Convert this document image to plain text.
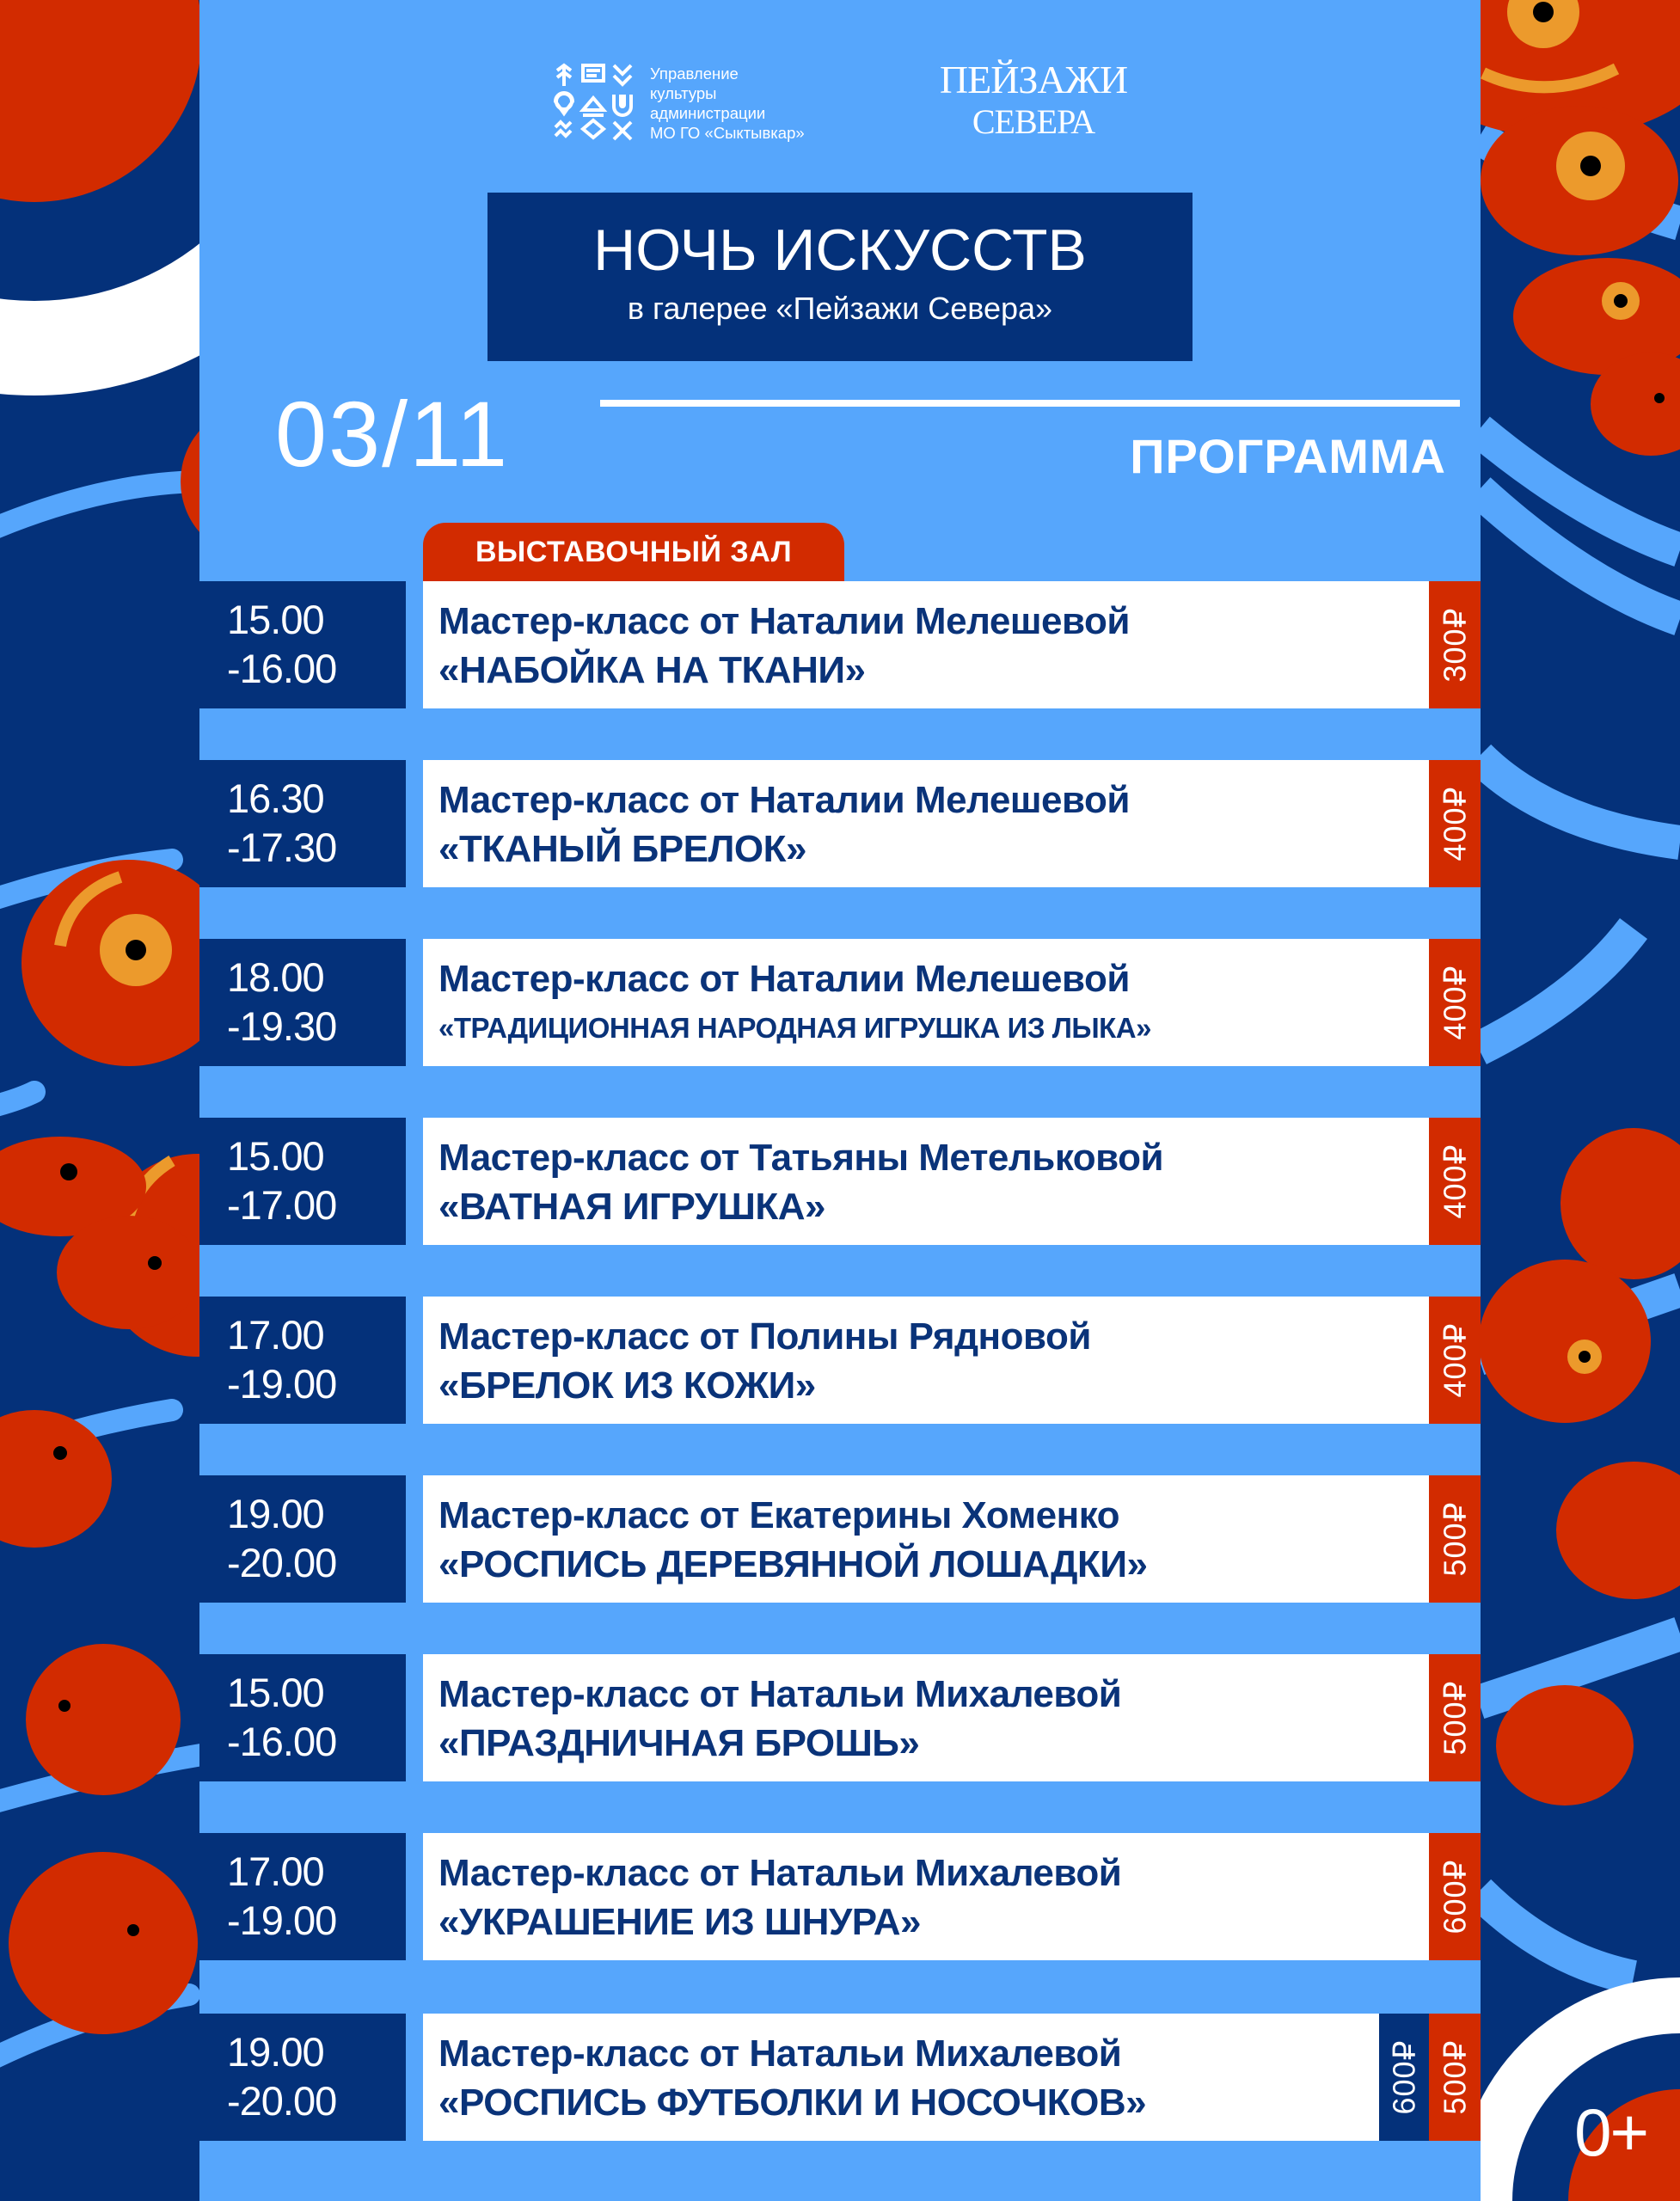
Управление
культуры
администрации
МО ГО «Сыктывкар»
ПЕЙЗАЖИ
СЕВЕРА
НОЧЬ ИСКУССТВ
в галерее «Пейзажи Севера»
03/11	ПРОГРАММА
ВЫСТАВОЧНЫЙ ЗАЛ
15.00
-16.00
Мастер-класс от Наталии Мелешевой
«НАБОЙКА НА ТКАНИ»	300₽
16.30
-17.30
Мастер-класс от Наталии Мелешевой
«ТКАНЫЙ БРЕЛОК»	400₽
18.00
-19.30
Мастер-класс от Наталии Мелешевой
«ТРАДИЦИОННАЯ НАРОДНАЯ ИГРУШКА ИЗ ЛЫКА»	400₽
15.00
-17.00
Мастер-класс от Татьяны Метельковой
«ВАТНАЯ ИГРУШКА»	400₽
17.00
-19.00
Мастер-класс от Полины Рядновой
«БРЕЛОК ИЗ КОЖИ»	400₽
19.00
-20.00
Мастер-класс от Екатерины Хоменко
«РОСПИСЬ ДЕРЕВЯННОЙ ЛОШАДКИ»	500₽
15.00
-16.00
Мастер-класс от Натальи Михалевой
«ПРАЗДНИЧНАЯ БРОШЬ»	500₽
17.00
-19.00
Мастер-класс от Натальи Михалевой
«УКРАШЕНИЕ ИЗ ШНУРА»	600₽
19.00
-20.00
Мастер-класс от Натальи Михалевой
«РОСПИСЬ ФУТБОЛКИ И НОСОЧКОВ»	600₽ 500₽
0+
